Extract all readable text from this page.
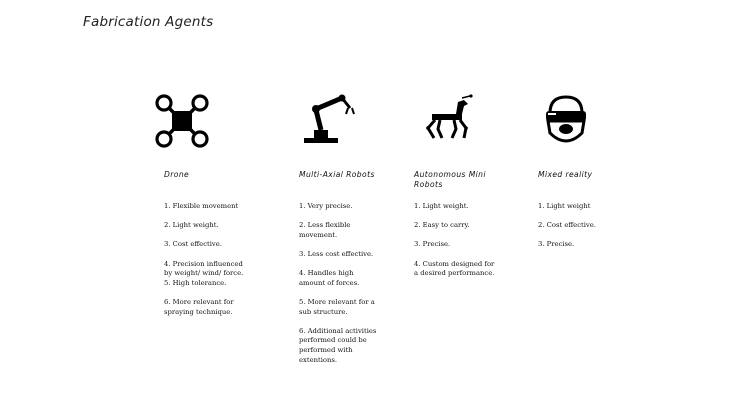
Fabrication Agents
Drone
1. Flexible movement
2. Light weight.
3. Cost effective.
4. Precision influenced by weight/ wind/ force.
5. High tolerance.
6. More relevant for spraying technique.
Multi-Axial Robots
1. Very precise.
2. Less flexible movement.
3. Less cost effective.
4. Handles high amount of forces.
5. More relevant for a sub structure.
6. Additional activities performed could be performed with extentions.
Autonomous Mini Robots
1. Light weight.
2. Easy to carry.
3. Precise.
4. Custom designed for a desired performance.
Mixed reality
1. Light weight
2. Cost effective.
3. Precise.
